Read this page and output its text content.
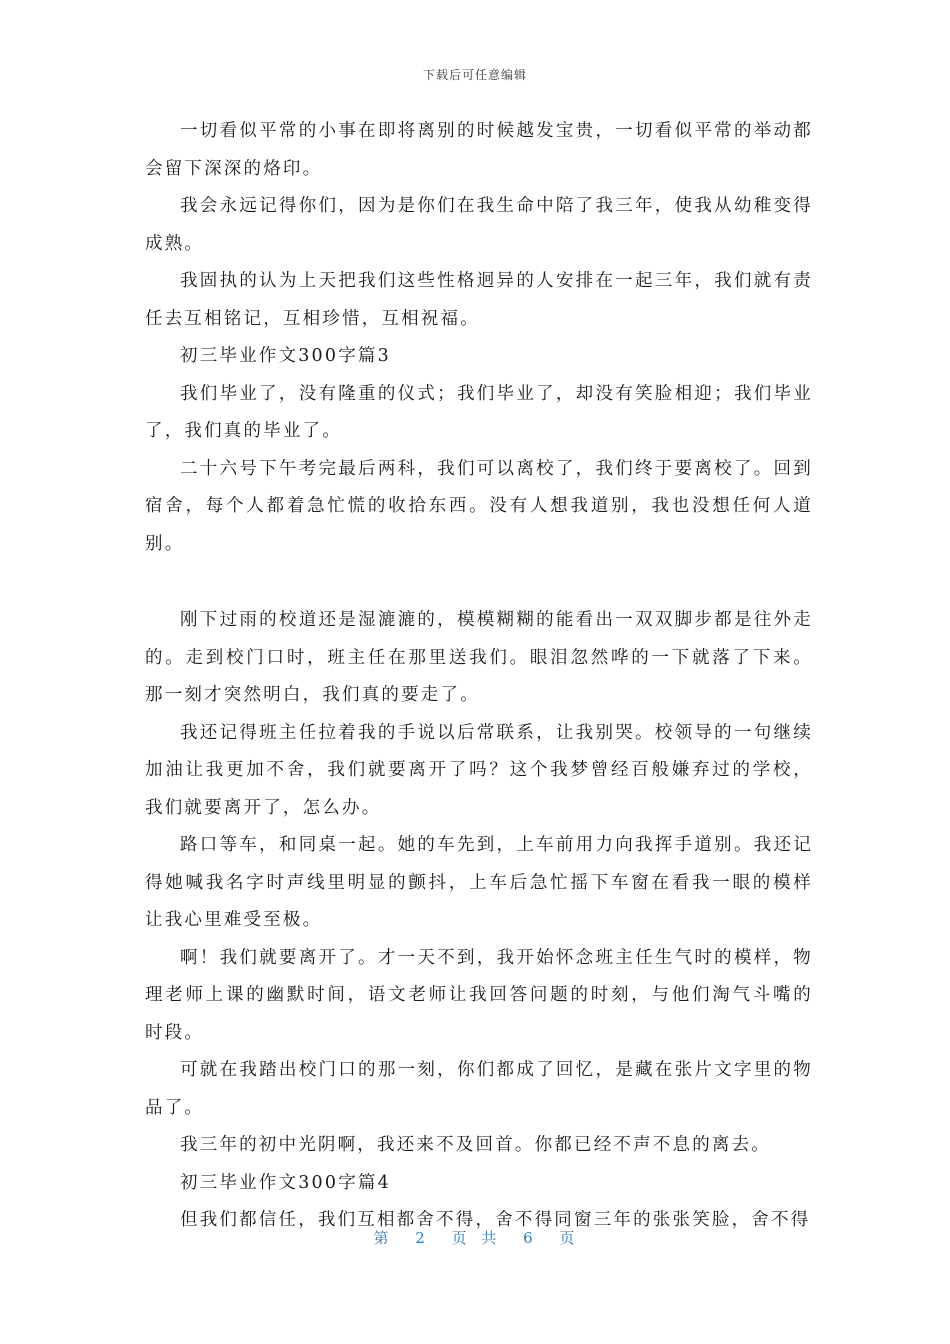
下载后可任意编辑

一切看似平常的小事在即将离别的时候越发宝贵，一切看似平常的举动都会留下深深的烙印。

我会永远记得你们，因为是你们在我生命中陪了我三年，使我从幼稚变得成熟。

我固执的认为上天把我们这些性格迥异的人安排在一起三年，我们就有责任去互相铭记，互相珍惜，互相祝福。

初三毕业作文300字篇3

我们毕业了，没有隆重的仪式；我们毕业了，却没有笑脸相迎；我们毕业了，我们真的毕业了。

二十六号下午考完最后两科，我们可以离校了，我们终于要离校了。回到宿舍，每个人都着急忙慌的收拾东西。没有人想我道别，我也没想任何人道别。

刚下过雨的校道还是湿漉漉的，模模糊糊的能看出一双双脚步都是往外走的。走到校门口时，班主任在那里送我们。眼泪忽然哗的一下就落了下来。那一刻才突然明白，我们真的要走了。

我还记得班主任拉着我的手说以后常联系，让我别哭。校领导的一句继续加油让我更加不舍，我们就要离开了吗？这个我梦曾经百般嫌弃过的学校，我们就要离开了，怎么办。

路口等车，和同桌一起。她的车先到，上车前用力向我挥手道别。我还记得她喊我名字时声线里明显的颤抖，上车后急忙摇下车窗在看我一眼的模样让我心里难受至极。

啊！我们就要离开了。才一天不到，我开始怀念班主任生气时的模样，物理老师上课的幽默时间，语文老师让我回答问题的时刻，与他们淘气斗嘴的时段。

可就在我踏出校门口的那一刻，你们都成了回忆，是藏在张片文字里的物品了。

我三年的初中光阴啊，我还来不及回首。你都已经不声不息的离去。

初三毕业作文300字篇4

但我们都信任，我们互相都舍不得，舍不得同窗三年的张张笑脸，舍不得

第 2 页 共 6 页
